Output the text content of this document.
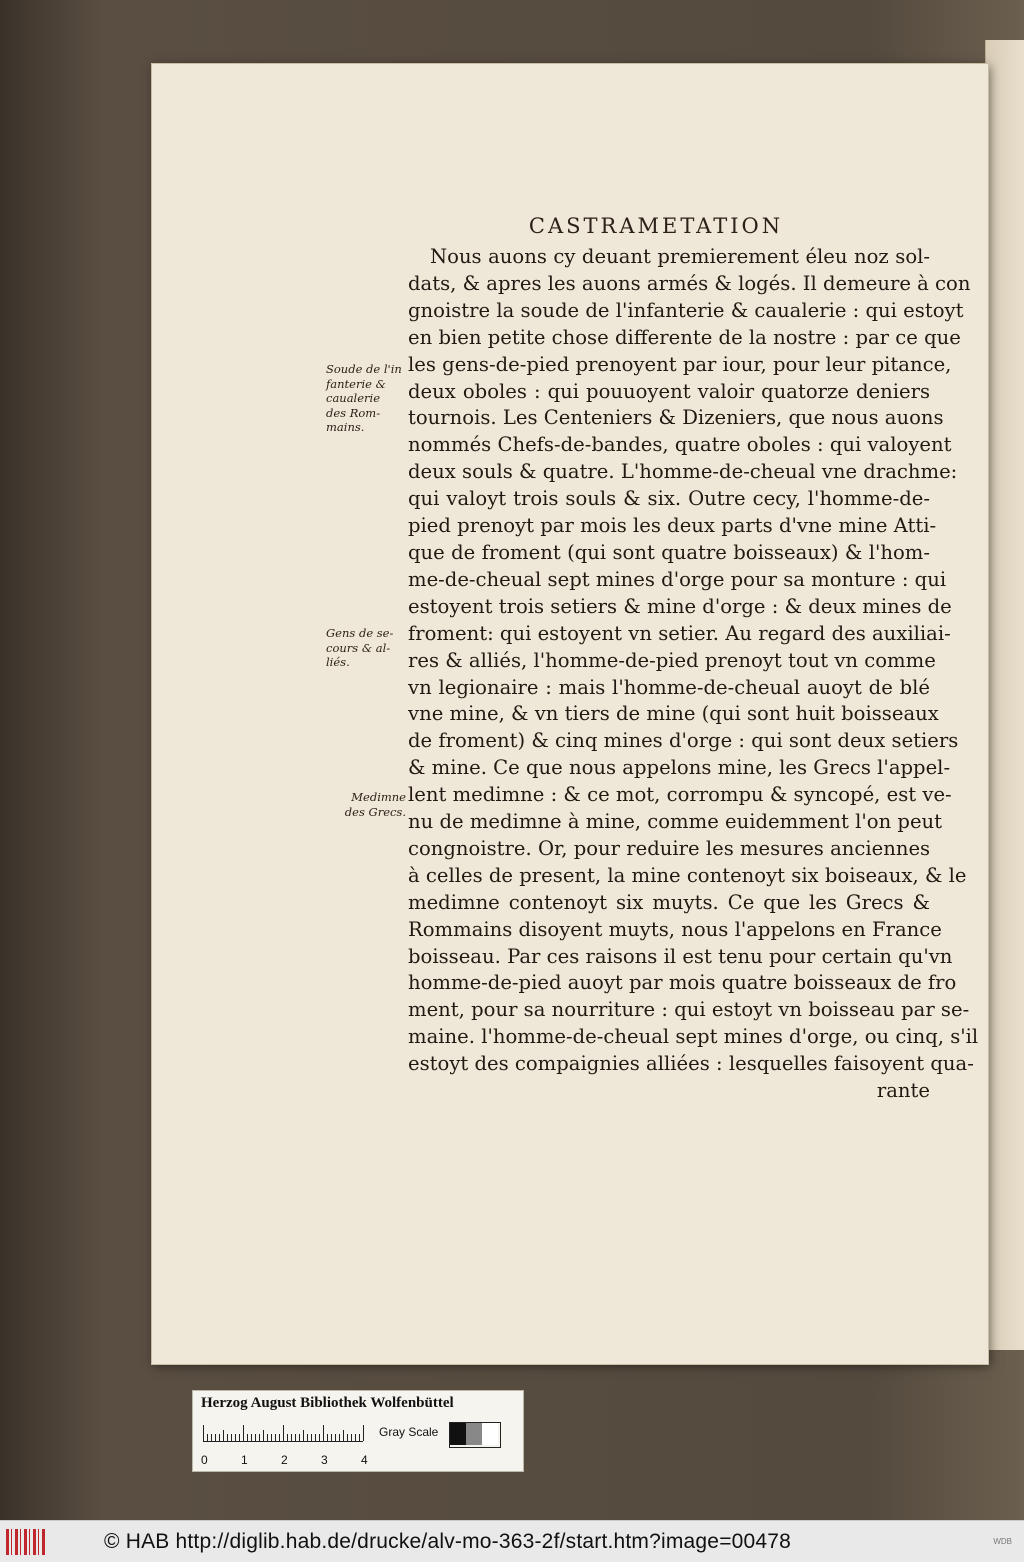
CASTRAMETATION
Nous auons cy deuant premierement éleu noz sol-
dats, & apres les auons armés & logés. Il demeure à con
gnoistre la soude de l'infanterie & caualerie : qui estoyt
en bien petite chose differente de la nostre : par ce que
les gens-de-pied prenoyent par iour, pour leur pitance,
deux oboles : qui pouuoyent valoir quatorze deniers
tournois. Les Centeniers & Dizeniers, que nous auons
nommés Chefs-de-bandes, quatre oboles : qui valoyent
deux souls & quatre. L'homme-de-cheual vne drachme:
qui valoyt trois souls & six. Outre cecy, l'homme-de-
pied prenoyt par mois les deux parts d'vne mine Atti-
que de froment (qui sont quatre boisseaux) & l'hom-
me-de-cheual sept mines d'orge pour sa monture : qui
estoyent trois setiers & mine d'orge : & deux mines de
froment: qui estoyent vn setier. Au regard des auxiliai-
res & alliés, l'homme-de-pied prenoyt tout vn comme
vn legionaire : mais l'homme-de-cheual auoyt de blé
vne mine, & vn tiers de mine (qui sont huit boisseaux
de froment) & cinq mines d'orge : qui sont deux setiers
& mine. Ce que nous appelons mine, les Grecs l'appel-
lent medimne : & ce mot, corrompu & syncopé, est ve-
nu de medimne à mine, comme euidemment l'on peut
congnoistre. Or, pour reduire les mesures anciennes
à celles de present, la mine contenoyt six boiseaux, & le
medimne contenoyt six muyts. Ce que les Grecs &
Rommains disoyent muyts, nous l'appelons en France
boisseau. Par ces raisons il est tenu pour certain qu'vn
homme-de-pied auoyt par mois quatre boisseaux de fro
ment, pour sa nourriture : qui estoyt vn boisseau par se-
maine. l'homme-de-cheual sept mines d'orge, ou cinq, s'il
estoyt des compaignies alliées : lesquelles faisoyent qua-
rante
Soude de l'in
fanterie &
caualerie
des Rom-
mains.
Gens de se-
cours & al-
liés.
Medimne
des Grecs.
Herzog August Bibliothek Wolfenbüttel
0	1	2	3	4
Gray Scale
© HAB http://diglib.hab.de/drucke/alv-mo-363-2f/start.htm?image=00478	WDB
